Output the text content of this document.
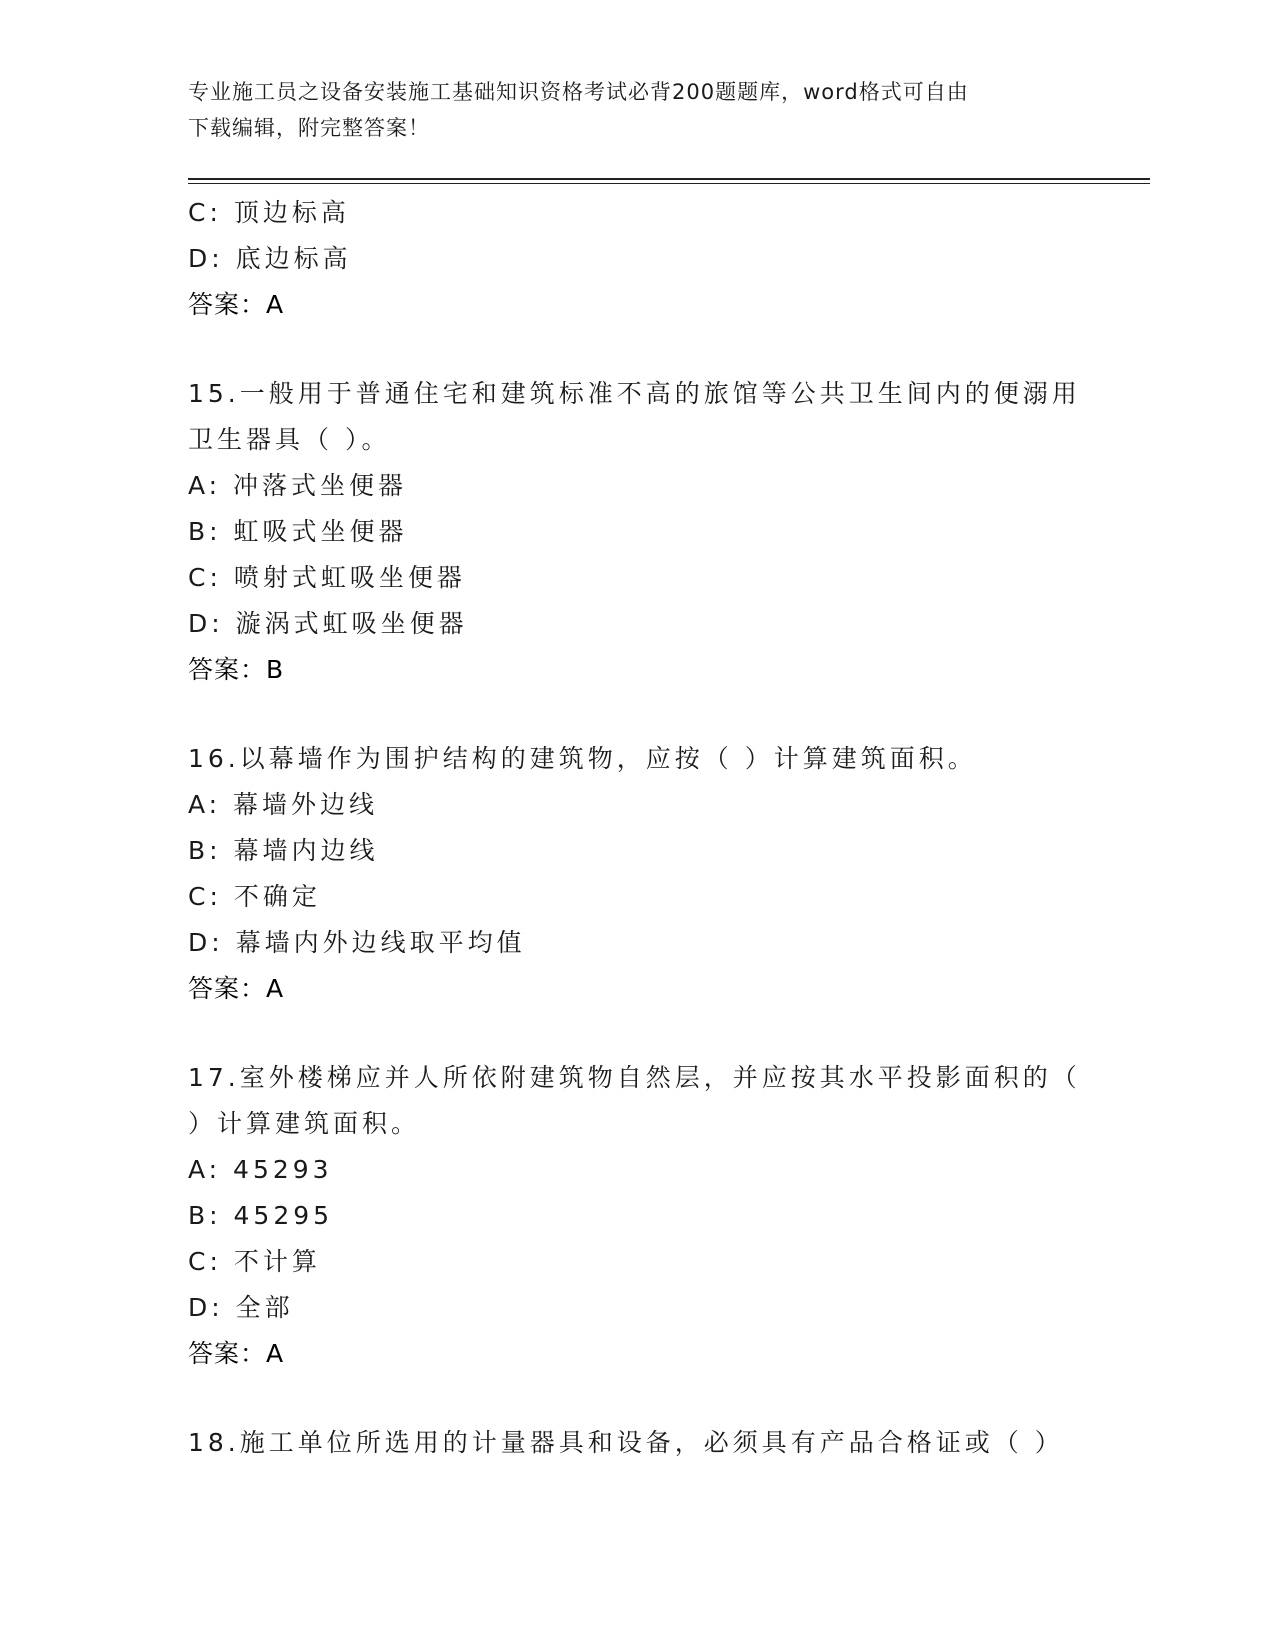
专业施工员之设备安装施工基础知识资格考试必背200题题库，word格式可自由
下载编辑，附完整答案！
C: 顶边标高
D: 底边标高
答案：A
15.一般用于普通住宅和建筑标准不高的旅馆等公共卫生间内的便溺用
卫生器具（ ）。
A: 冲落式坐便器
B: 虹吸式坐便器
C: 喷射式虹吸坐便器
D: 漩涡式虹吸坐便器
答案：B
16.以幕墙作为围护结构的建筑物，应按（ ）计算建筑面积。
A: 幕墙外边线
B: 幕墙内边线
C: 不确定
D: 幕墙内外边线取平均值
答案：A
17.室外楼梯应并人所依附建筑物自然层，并应按其水平投影面积的（
）计算建筑面积。
A: 45293
B: 45295
C: 不计算
D: 全部
答案：A
18.施工单位所选用的计量器具和设备，必须具有产品合格证或（ ）
